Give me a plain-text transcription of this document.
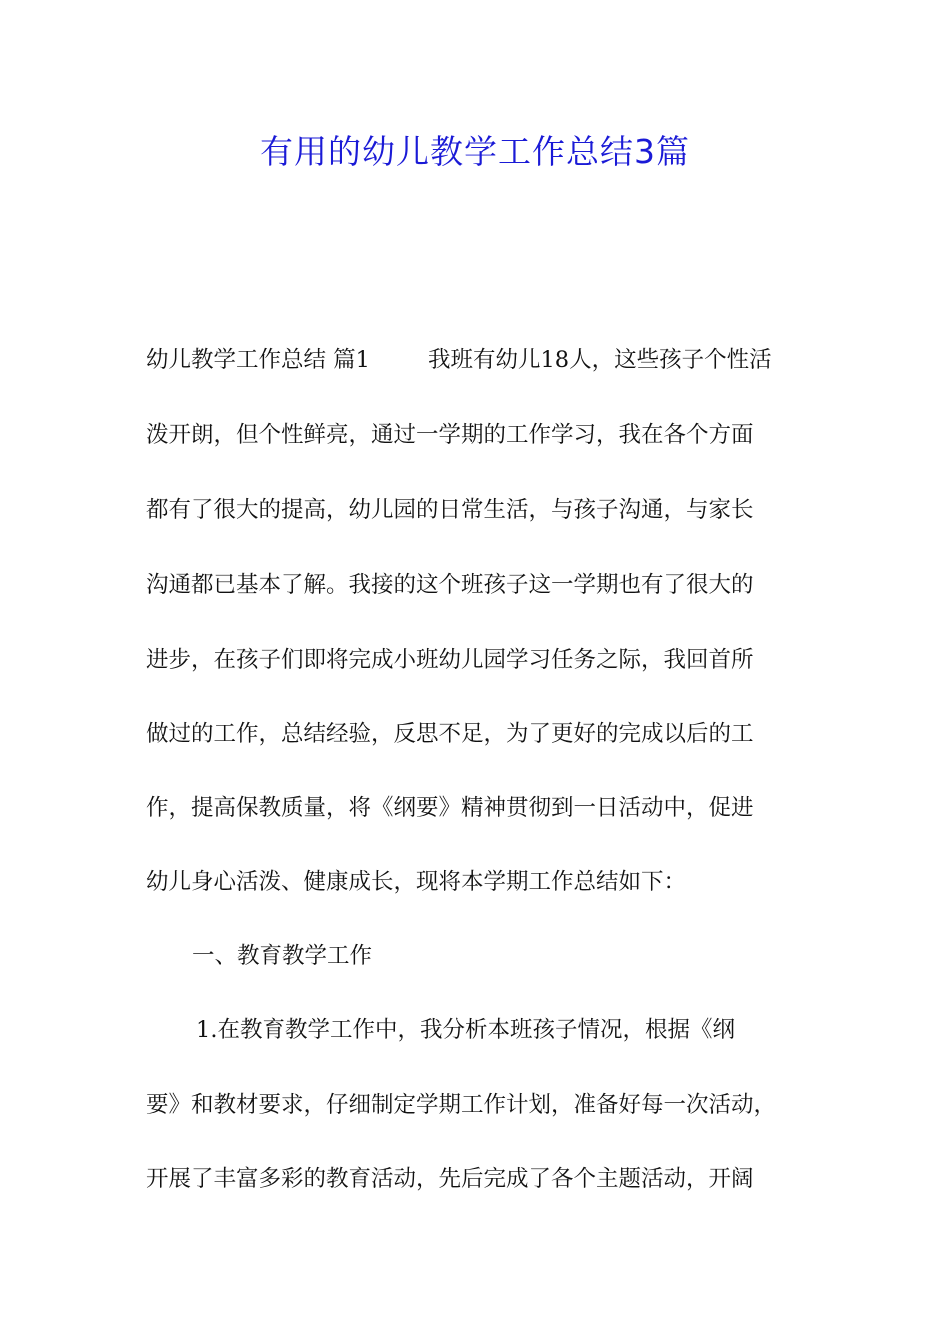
有用的幼儿教学工作总结3篇
幼儿教学工作总结 篇1	我班有幼儿18人，这些孩子个性活
泼开朗，但个性鲜亮，通过一学期的工作学习，我在各个方面
都有了很大的提高，幼儿园的日常生活，与孩子沟通，与家长
沟通都已基本了解。我接的这个班孩子这一学期也有了很大的
进步，在孩子们即将完成小班幼儿园学习任务之际，我回首所
做过的工作，总结经验，反思不足，为了更好的完成以后的工
作，提高保教质量，将《纲要》精神贯彻到一日活动中，促进
幼儿身心活泼、健康成长，现将本学期工作总结如下：
一、教育教学工作
1.在教育教学工作中，我分析本班孩子情况，根据《纲
要》和教材要求，仔细制定学期工作计划，准备好每一次活动，
开展了丰富多彩的教育活动，先后完成了各个主题活动，开阔
